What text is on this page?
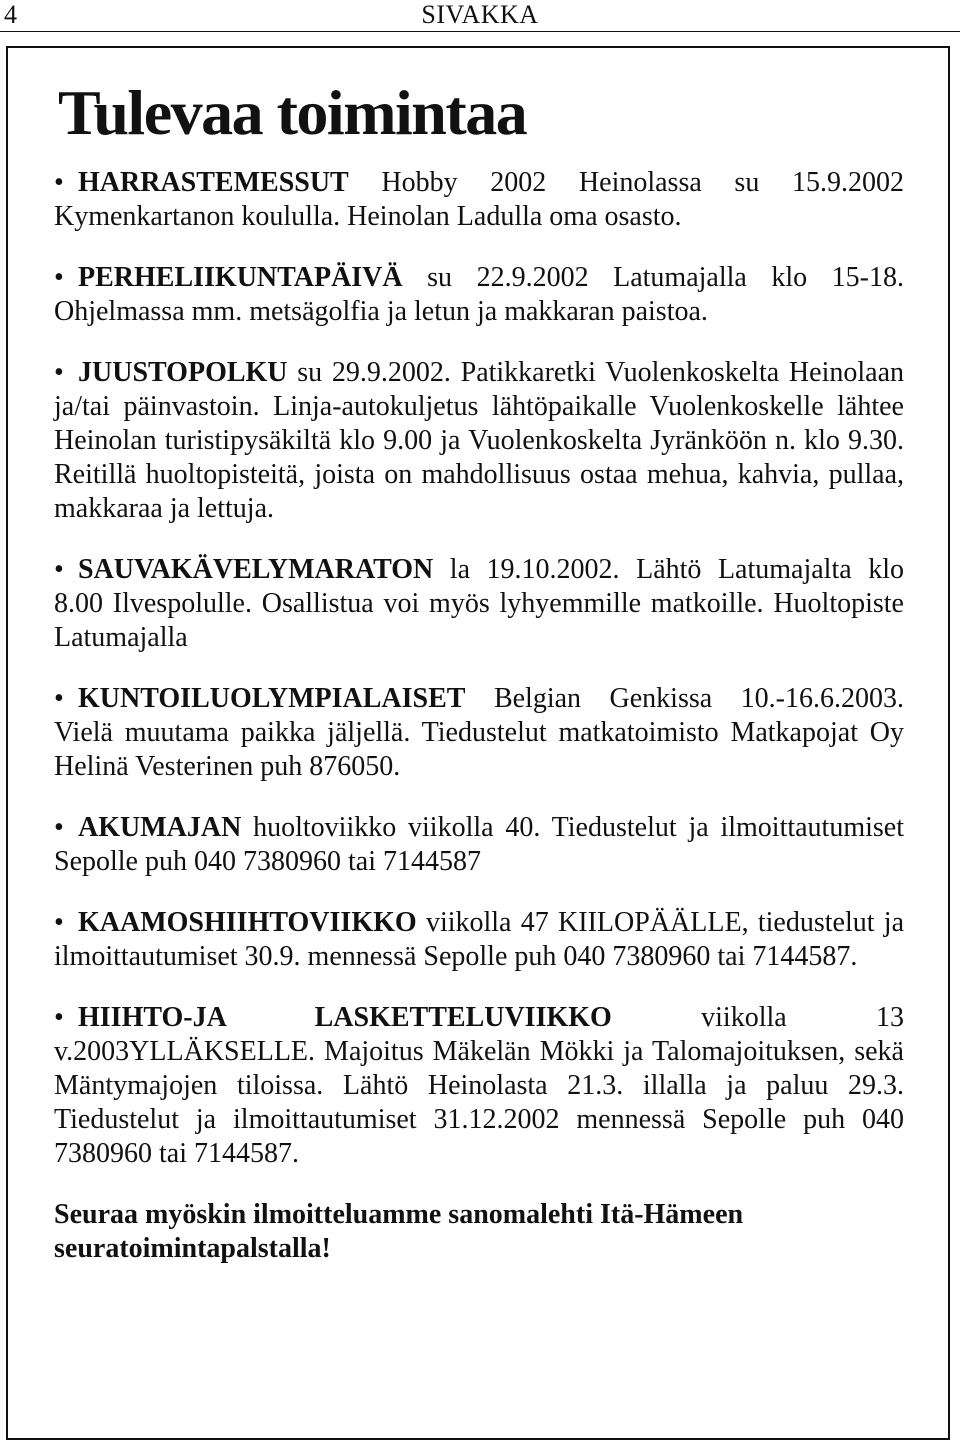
4	SIVAKKA
Tulevaa toimintaa

• HARRASTEMESSUT Hobby 2002 Heinolassa su 15.9.2002 Kymenkartanon koululla. Heinolan Ladulla oma osasto.

• PERHELIIKUNTAPÄIVÄ su 22.9.2002 Latumajalla klo 15-18. Ohjelmassa mm. metsägolfia ja letun ja makkaran paistoa.

• JUUSTOPOLKU su 29.9.2002. Patikkaretki Vuolenkoskelta Heinolaan ja/tai päinvastoin. Linja-autokuljetus lähtöpaikalle Vuolenkoskelle lähtee Heinolan turistipysäkiltä klo 9.00 ja Vuolenkoskelta Jyränköön n. klo 9.30. Reitillä huoltopisteitä, joista on mahdollisuus ostaa mehua, kahvia, pullaa, makkaraa ja lettuja.

• SAUVAKÄVELYMARATON la 19.10.2002. Lähtö Latumajalta klo 8.00 Ilvespolulle. Osallistua voi myös lyhyemmille matkoille. Huoltopiste Latumajalla

• KUNTOILUOLYMPIALAISET Belgian Genkissa 10.-16.6.2003. Vielä muutama paikka jäljellä. Tiedustelut matkatoimisto Matkapojat Oy Helinä Vesterinen puh 876050.

• AKUMAJAN huoltoviikko viikolla 40. Tiedustelut ja ilmoittautumiset Sepolle puh 040 7380960 tai 7144587

• KAAMOSHIIHTOVIIKKO viikolla 47 KIILOPÄÄLLE, tiedustelut ja ilmoittautumiset 30.9. mennessä Sepolle puh 040 7380960 tai 7144587.

• HIIHTO-JA LASKETTELUVIIKKO viikolla 13 v.2003YLLÄKSELLE. Majoitus Mäkelän Mökki ja Talomajoituksen, sekä Mäntymajojen tiloissa. Lähtö Heinolasta 21.3. illalla ja paluu 29.3. Tiedustelut ja ilmoittautumiset 31.12.2002 mennessä Sepolle puh 040 7380960 tai 7144587.

Seuraa myöskin ilmoitteluamme sanomalehti Itä-Hämeen seuratoimintapalstalla!
